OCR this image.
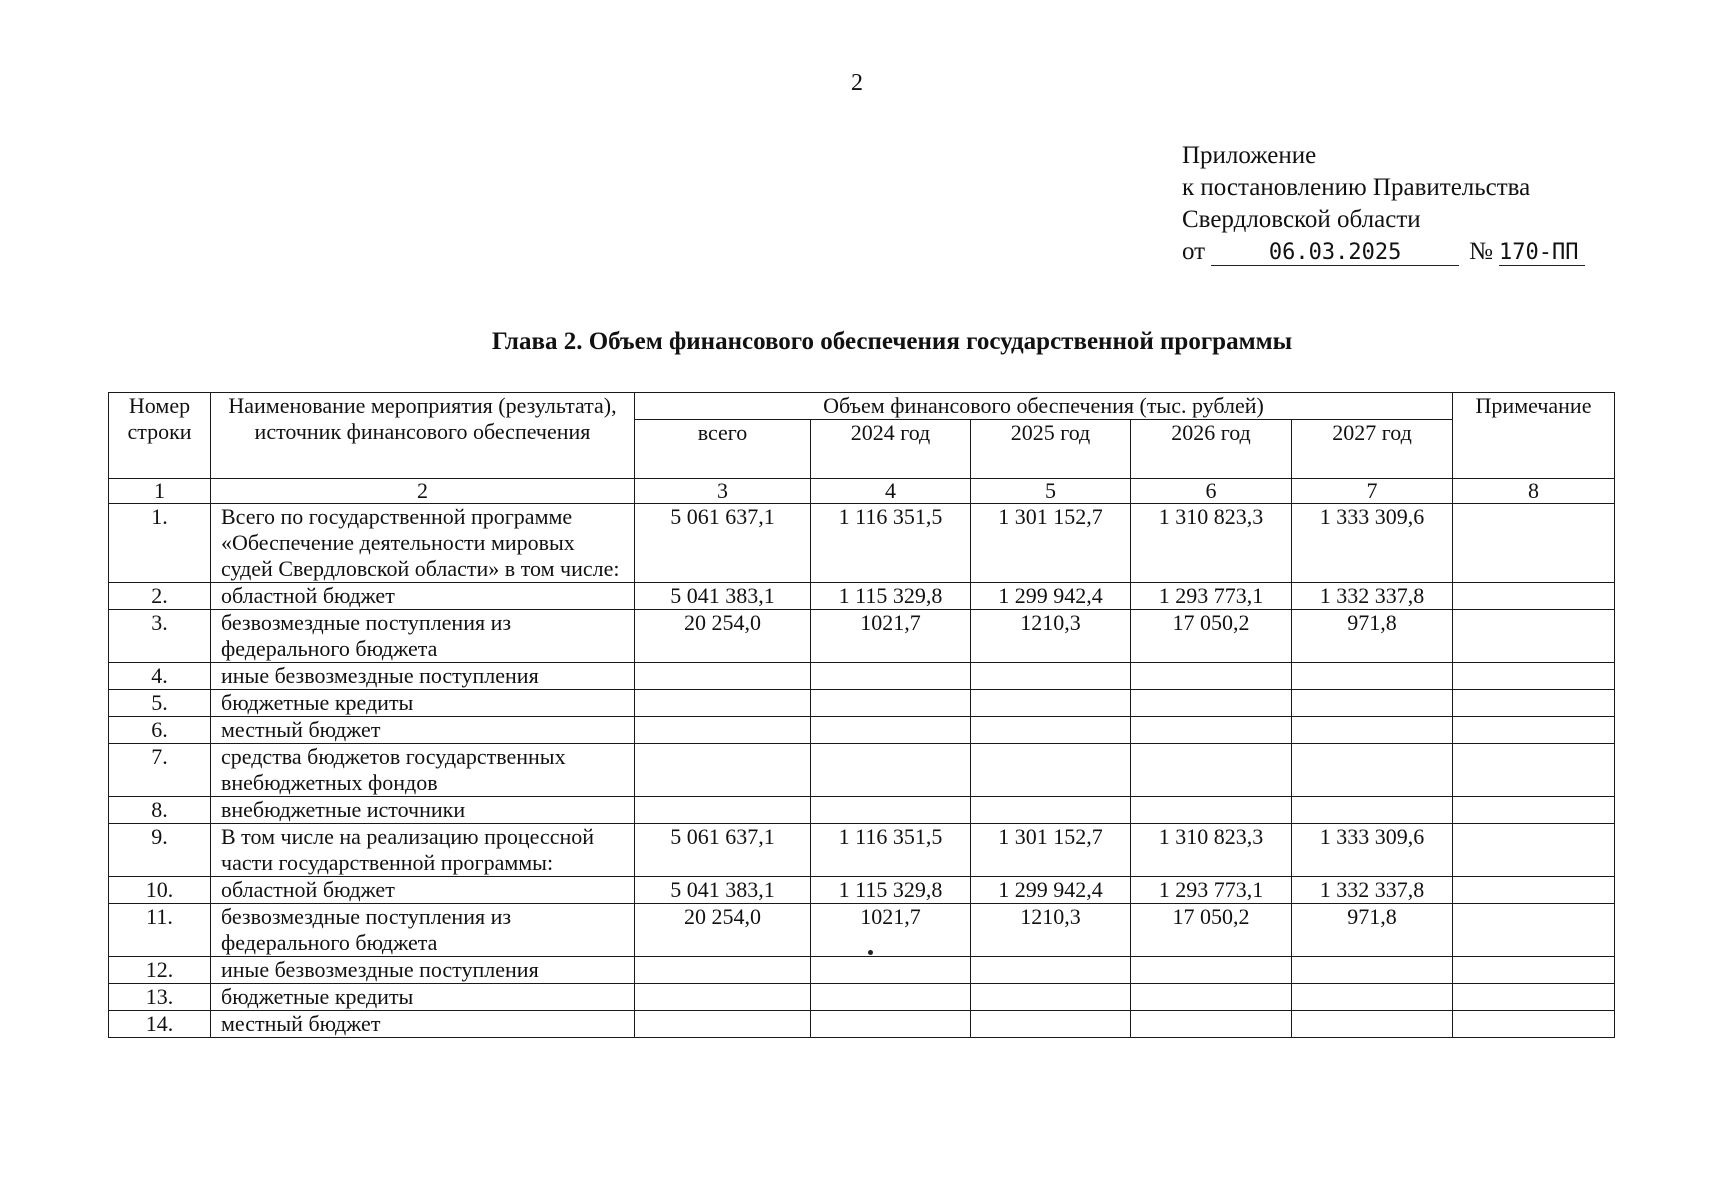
2
Приложение
к постановлению Правительства
Свердловской области
от	06.03.2025	№ 170-ПП
Глава 2. Объем финансового обеспечения государственной программы
Номер строки	Наименование мероприятия (результата), источник финансового обеспечения	Объем финансового обеспечения (тыс. рублей)					Примечание
		всего	2024 год	2025 год	2026 год	2027 год	
1	2	3	4	5	6	7	8
1.	Всего по государственной программе «Обеспечение деятельности мировых судей Свердловской области» в том числе:	5 061 637,1	1 116 351,5	1 301 152,7	1 310 823,3	1 333 309,6	
2.	областной бюджет	5 041 383,1	1 115 329,8	1 299 942,4	1 293 773,1	1 332 337,8	
3.	безвозмездные поступления из федерального бюджета	20 254,0	1021,7	1210,3	17 050,2	971,8	
4.	иные безвозмездные поступления						
5.	бюджетные кредиты						
6.	местный бюджет						
7.	средства бюджетов государственных внебюджетных фондов						
8.	внебюджетные источники						
9.	В том числе на реализацию процессной части государственной программы:	5 061 637,1	1 116 351,5	1 301 152,7	1 310 823,3	1 333 309,6	
10.	областной бюджет	5 041 383,1	1 115 329,8	1 299 942,4	1 293 773,1	1 332 337,8	
11.	безвозмездные поступления из федерального бюджета	20 254,0	1021,7	1210,3	17 050,2	971,8	
12.	иные безвозмездные поступления						
13.	бюджетные кредиты						
14.	местный бюджет						
